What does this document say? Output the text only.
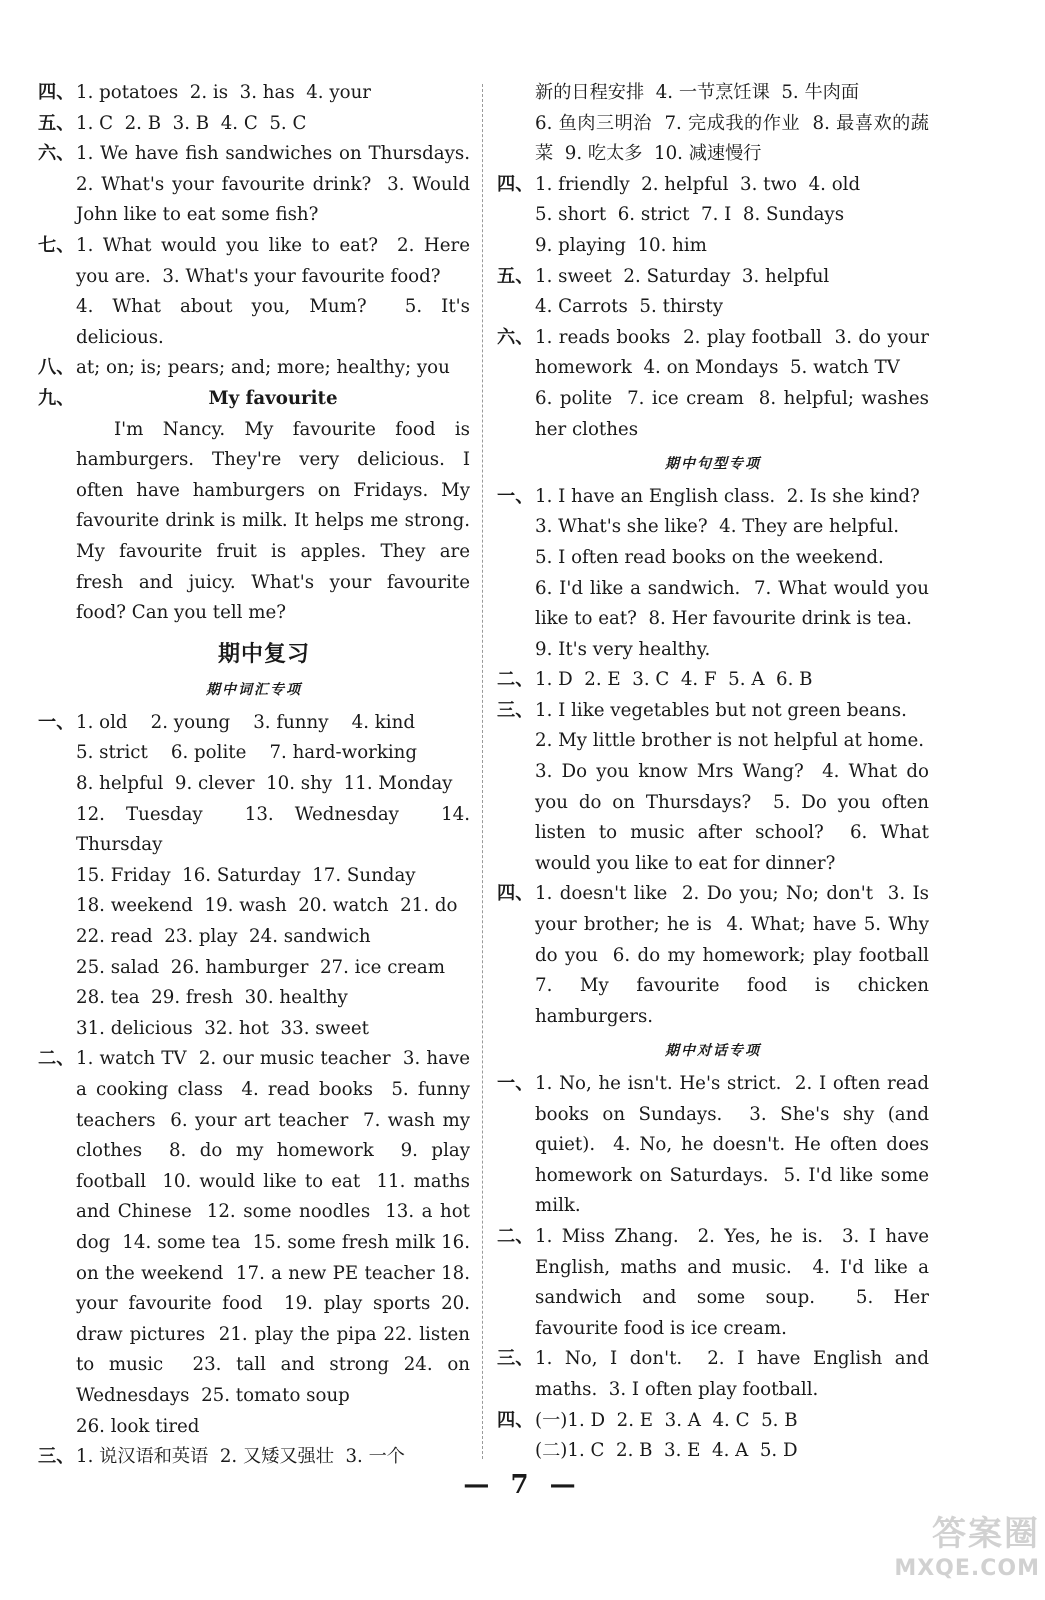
四、 1. potatoes  2. is  3. has  4. your
五、 1. C  2. B  3. B  4. C  5. C
六、 1. We have fish sandwiches on Thursdays.  2. What's your favourite drink?  3. Would John like to eat some fish?
七、 1. What would you like to eat?  2. Here you are.  3. What's your favourite food?
4. What about you, Mum?  5. It's delicious.
八、 at; on; is; pears; and; more; healthy; you
九、	My favourite
I'm Nancy. My favourite food is hamburgers. They're very delicious. I often have hamburgers on Fridays. My favourite drink is milk. It helps me strong. My favourite fruit is apples. They are fresh and juicy. What's your favourite food? Can you tell me?
期中复习
期中词汇专项
一、 1. old    2. young    3. funny    4. kind
5. strict    6. polite    7. hard-working
8. helpful  9. clever  10. shy  11. Monday
12. Tuesday  13. Wednesday  14. Thursday
15. Friday  16. Saturday  17. Sunday
18. weekend  19. wash  20. watch  21. do
22. read  23. play  24. sandwich
25. salad  26. hamburger  27. ice cream
28. tea  29. fresh  30. healthy
31. delicious  32. hot  33. sweet
二、 1. watch TV  2. our music teacher  3. have a cooking class  4. read books  5. funny teachers  6. your art teacher  7. wash my clothes  8. do my homework  9. play football  10. would like to eat  11. maths and Chinese  12. some noodles  13. a hot dog  14. some tea  15. some fresh milk 16. on the weekend  17. a new PE teacher 18. your favourite food  19. play sports 20. draw pictures  21. play the pipa 22. listen to music  23. tall and strong 24. on Wednesdays  25. tomato soup
26. look tired
三、 1. 说汉语和英语  2. 又矮又强壮  3. 一个
新的日程安排  4. 一节烹饪课  5. 牛肉面
6. 鱼肉三明治  7. 完成我的作业  8. 最喜欢的蔬菜  9. 吃太多  10. 减速慢行
四、 1. friendly  2. helpful  3. two  4. old
5. short  6. strict  7. I  8. Sundays
9. playing  10. him
五、 1. sweet  2. Saturday  3. helpful
4. Carrots  5. thirsty
六、 1. reads books  2. play football  3. do your homework  4. on Mondays  5. watch TV
6. polite  7. ice cream  8. helpful; washes her clothes
期中句型专项
一、 1. I have an English class.  2. Is she kind?
3. What's she like?  4. They are helpful.
5. I often read books on the weekend.
6. I'd like a sandwich.  7. What would you like to eat?  8. Her favourite drink is tea.
9. It's very healthy.
二、 1. D  2. E  3. C  4. F  5. A  6. B
三、 1. I like vegetables but not green beans.
2. My little brother is not helpful at home.
3. Do you know Mrs Wang?  4. What do you do on Thursdays?  5. Do you often listen to music after school?  6. What would you like to eat for dinner?
四、 1. doesn't like  2. Do you; No; don't  3. Is your brother; he is  4. What; have 5. Why do you  6. do my homework; play football  7. My favourite food is chicken hamburgers.
期中对话专项
一、 1. No, he isn't. He's strict.  2. I often read books on Sundays.  3. She's shy (and quiet).  4. No, he doesn't. He often does homework on Saturdays.  5. I'd like some milk.
二、 1. Miss Zhang.  2. Yes, he is.  3. I have English, maths and music.  4. I'd like a sandwich and some soup.  5. Her favourite food is ice cream.
三、 1. No, I don't.  2. I have English and maths.  3. I often play football.
四、 (一)1. D  2. E  3. A  4. C  5. B
(二)1. C  2. B  3. E  4. A  5. D
— 7 —
答案圈
MXQE.COM
